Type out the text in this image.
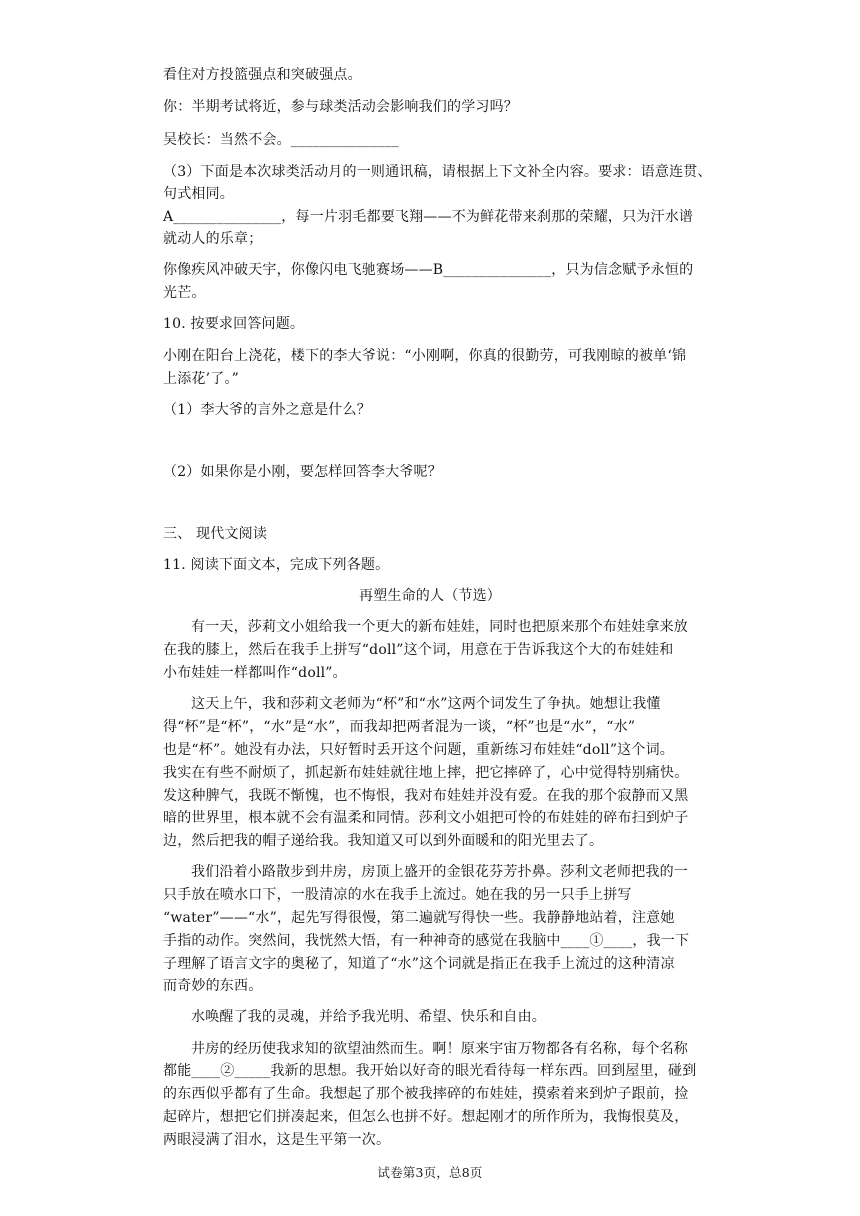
看住对方投篮强点和突破强点。
你：半期考试将近，参与球类活动会影响我们的学习吗？
吴校长：当然不会。_______________
（3）下面是本次球类活动月的一则通讯稿，请根据上下文补全内容。要求：语意连贯、
句式相同。
A_______________，每一片羽毛都要飞翔——不为鲜花带来刹那的荣耀，只为汗水谱
就动人的乐章；
你像疾风冲破天宇，你像闪电飞驰赛场——B_______________，只为信念赋予永恒的
光芒。
10. 按要求回答问题。
小刚在阳台上浇花，楼下的李大爷说：“小刚啊，你真的很勤劳，可我刚晾的被单‘锦
上添花’了。”
（1）李大爷的言外之意是什么？
（2）如果你是小刚，要怎样回答李大爷呢？
三、 现代文阅读
11. 阅读下面文本，完成下列各题。
再塑生命的人（节选）
有一天，莎莉文小姐给我一个更大的新布娃娃，同时也把原来那个布娃娃拿来放
在我的膝上，然后在我手上拼写“doll”这个词，用意在于告诉我这个大的布娃娃和
小布娃娃一样都叫作“doll”。
这天上午，我和莎莉文老师为“杯”和“水”这两个词发生了争执。她想让我懂
得“杯”是“杯”，“水”是“水”，而我却把两者混为一谈，“杯”也是“水”，“水”
也是“杯”。她没有办法，只好暂时丢开这个问题，重新练习布娃娃“doll”这个词。
我实在有些不耐烦了，抓起新布娃娃就往地上摔，把它摔碎了，心中觉得特别痛快。
发这种脾气，我既不惭愧，也不悔恨，我对布娃娃并没有爱。在我的那个寂静而又黑
暗的世界里，根本就不会有温柔和同情。莎利文小姐把可怜的布娃娃的碎布扫到炉子
边，然后把我的帽子递给我。我知道又可以到外面暖和的阳光里去了。
我们沿着小路散步到井房，房顶上盛开的金银花芬芳扑鼻。莎利文老师把我的一
只手放在喷水口下，一股清凉的水在我手上流过。她在我的另一只手上拼写
“water”——“水”，起先写得很慢，第二遍就写得快一些。我静静地站着，注意她
手指的动作。突然间，我恍然大悟，有一种神奇的感觉在我脑中____①____，我一下
子理解了语言文字的奥秘了，知道了“水”这个词就是指正在我手上流过的这种清凉
而奇妙的东西。
水唤醒了我的灵魂，并给予我光明、希望、快乐和自由。
井房的经历使我求知的欲望油然而生。啊！原来宇宙万物都各有名称，每个名称
都能____②_____我新的思想。我开始以好奇的眼光看待每一样东西。回到屋里，碰到
的东西似乎都有了生命。我想起了那个被我摔碎的布娃娃，摸索着来到炉子跟前，捡
起碎片，想把它们拼凑起来，但怎么也拼不好。想起刚才的所作所为，我悔恨莫及，
两眼浸满了泪水，这是生平第一次。
试卷第3页，总8页
